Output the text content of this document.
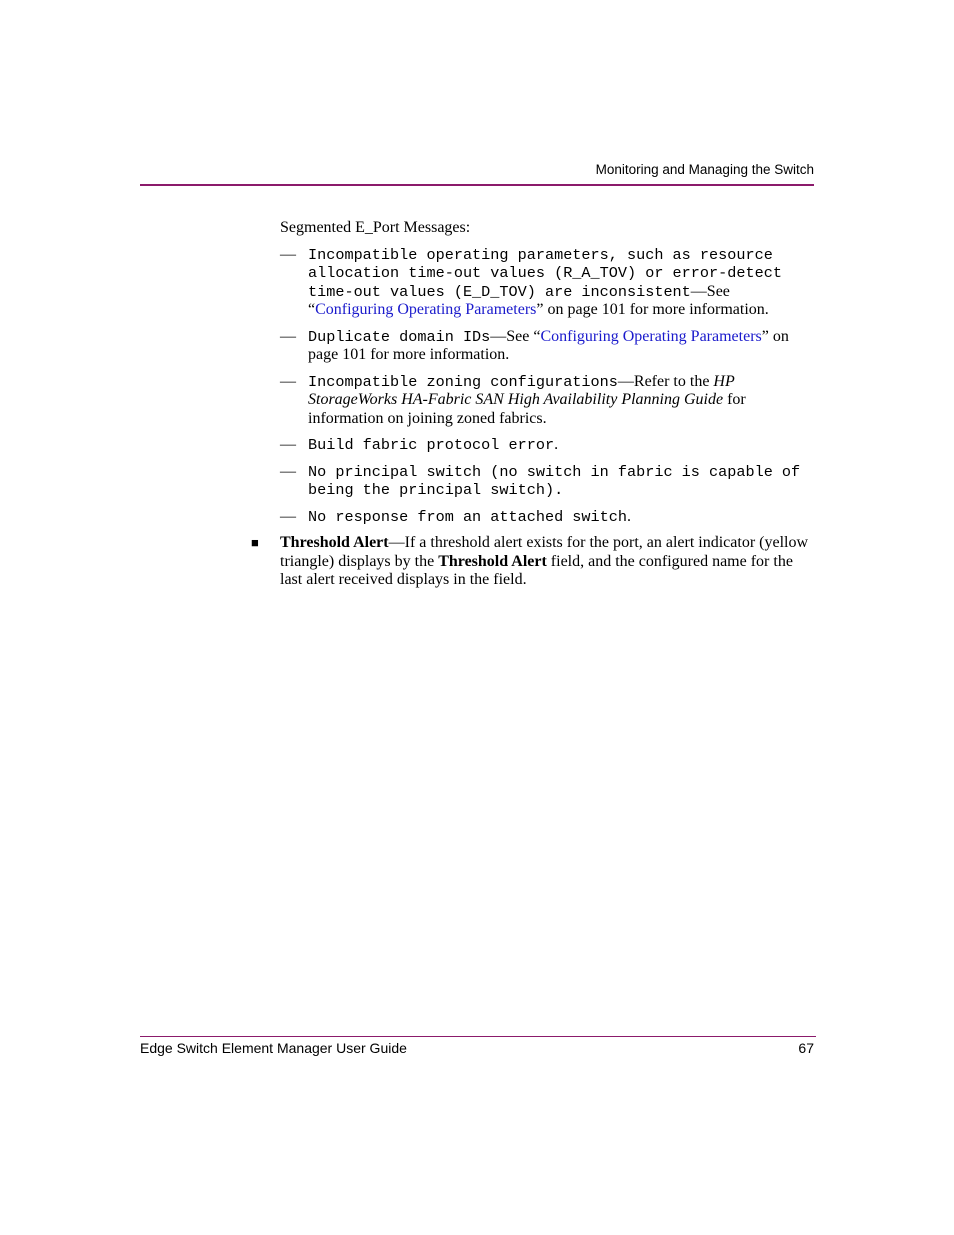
Monitoring and Managing the Switch

Segmented E_Port Messages:

— Incompatible operating parameters, such as resource allocation time-out values (R_A_TOV) or error-detect time-out values (E_D_TOV) are inconsistent—See “Configuring Operating Parameters” on page 101 for more information.
— Duplicate domain IDs—See “Configuring Operating Parameters” on page 101 for more information.
— Incompatible zoning configurations—Refer to the HP StorageWorks HA-Fabric SAN High Availability Planning Guide for information on joining zoned fabrics.
— Build fabric protocol error.
— No principal switch (no switch in fabric is capable of being the principal switch).
— No response from an attached switch.
■ Threshold Alert—If a threshold alert exists for the port, an alert indicator (yellow triangle) displays by the Threshold Alert field, and the configured name for the last alert received displays in the field.
Edge Switch Element Manager User Guide	67
